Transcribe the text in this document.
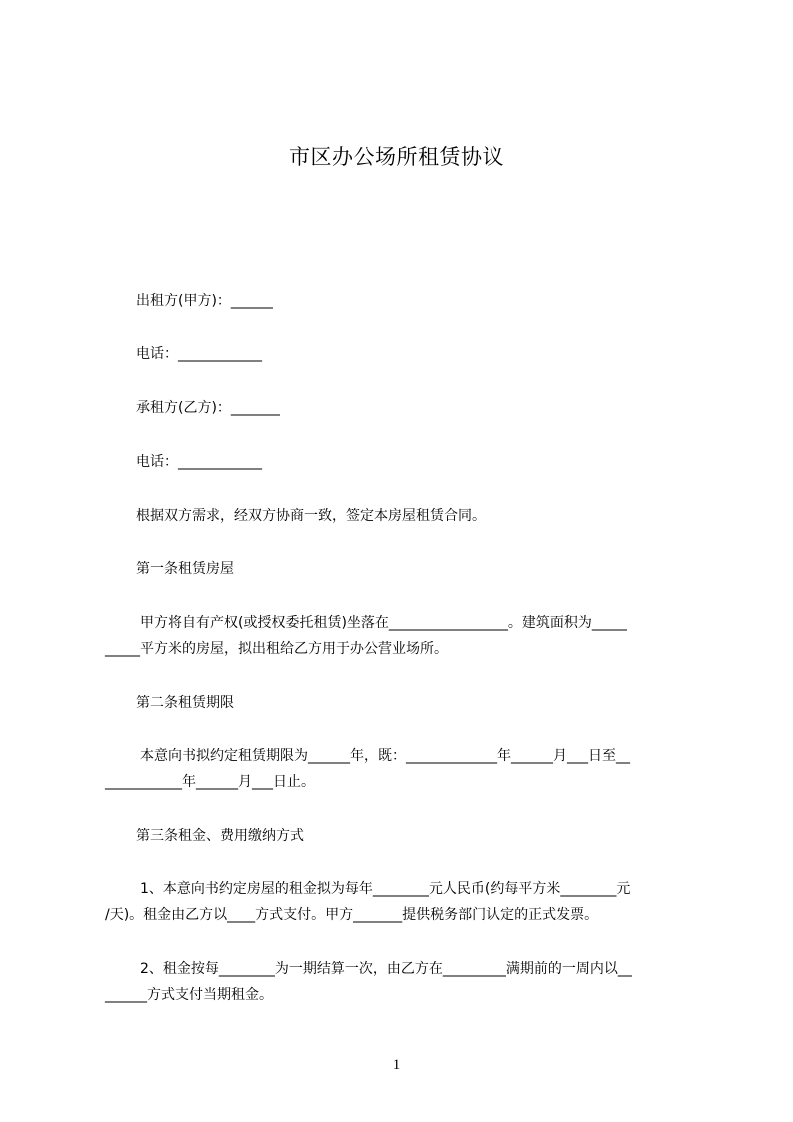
市区办公场所租赁协议
出租方(甲方)：______
电话：____________
承租方(乙方)：_______
电话：____________
根据双方需求，经双方协商一致，签定本房屋租赁合同。
第一条租赁房屋
甲方将自有产权(或授权委托租赁)坐落在_________________。建筑面积为_____
_____平方米的房屋，拟出租给乙方用于办公营业场所。
第二条租赁期限
本意向书拟约定租赁期限为______年，既：_____________年______月___日至__
___________年______月___日止。
第三条租金、费用缴纳方式
1、本意向书约定房屋的租金拟为每年________元人民币(约每平方米________元
/天)。租金由乙方以____方式支付。甲方_______提供税务部门认定的正式发票。
2、租金按每________为一期结算一次，由乙方在_________满期前的一周内以__
______方式支付当期租金。
1
